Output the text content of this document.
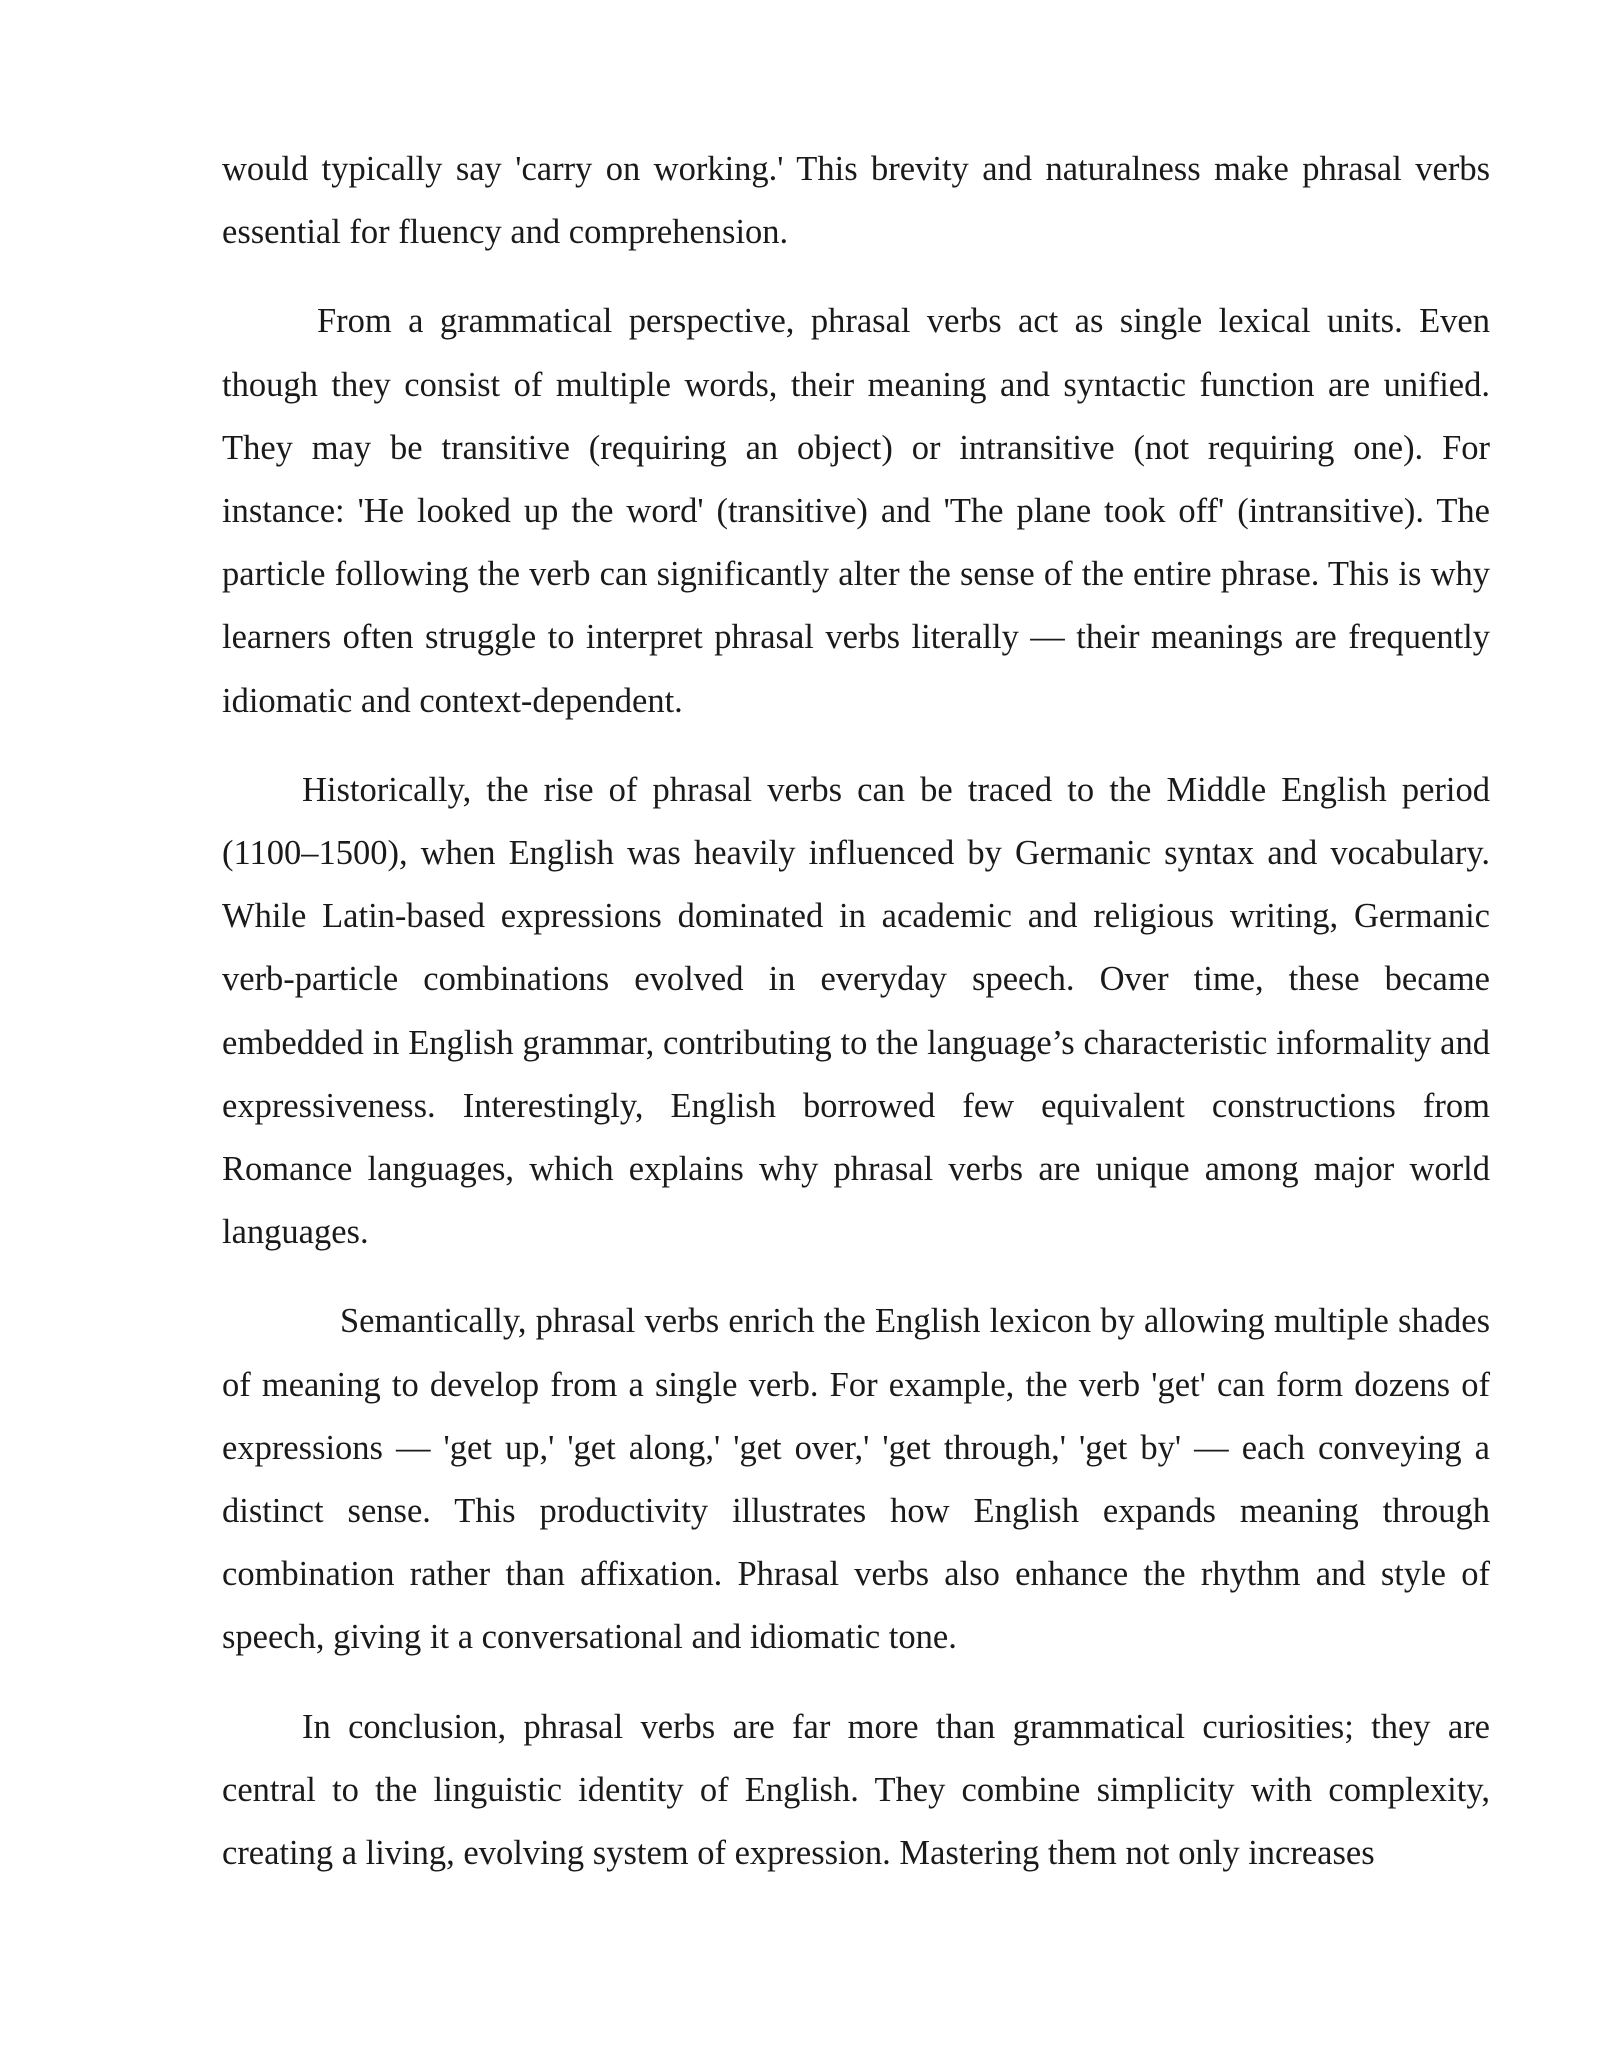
would typically say 'carry on working.' This brevity and naturalness make phrasal verbs essential for fluency and comprehension.

From a grammatical perspective, phrasal verbs act as single lexical units. Even though they consist of multiple words, their meaning and syntactic function are unified. They may be transitive (requiring an object) or intransitive (not requiring one). For instance: 'He looked up the word' (transitive) and 'The plane took off' (intransitive). The particle following the verb can significantly alter the sense of the entire phrase. This is why learners often struggle to interpret phrasal verbs literally — their meanings are frequently idiomatic and context-dependent.

Historically, the rise of phrasal verbs can be traced to the Middle English period (1100–1500), when English was heavily influenced by Germanic syntax and vocabulary. While Latin-based expressions dominated in academic and religious writing, Germanic verb-particle combinations evolved in everyday speech. Over time, these became embedded in English grammar, contributing to the language’s characteristic informality and expressiveness. Interestingly, English borrowed few equivalent constructions from Romance languages, which explains why phrasal verbs are unique among major world languages.

Semantically, phrasal verbs enrich the English lexicon by allowing multiple shades of meaning to develop from a single verb. For example, the verb 'get' can form dozens of expressions — 'get up,' 'get along,' 'get over,' 'get through,' 'get by' — each conveying a distinct sense. This productivity illustrates how English expands meaning through combination rather than affixation. Phrasal verbs also enhance the rhythm and style of speech, giving it a conversational and idiomatic tone.

In conclusion, phrasal verbs are far more than grammatical curiosities; they are central to the linguistic identity of English. They combine simplicity with complexity, creating a living, evolving system of expression. Mastering them not only increases
